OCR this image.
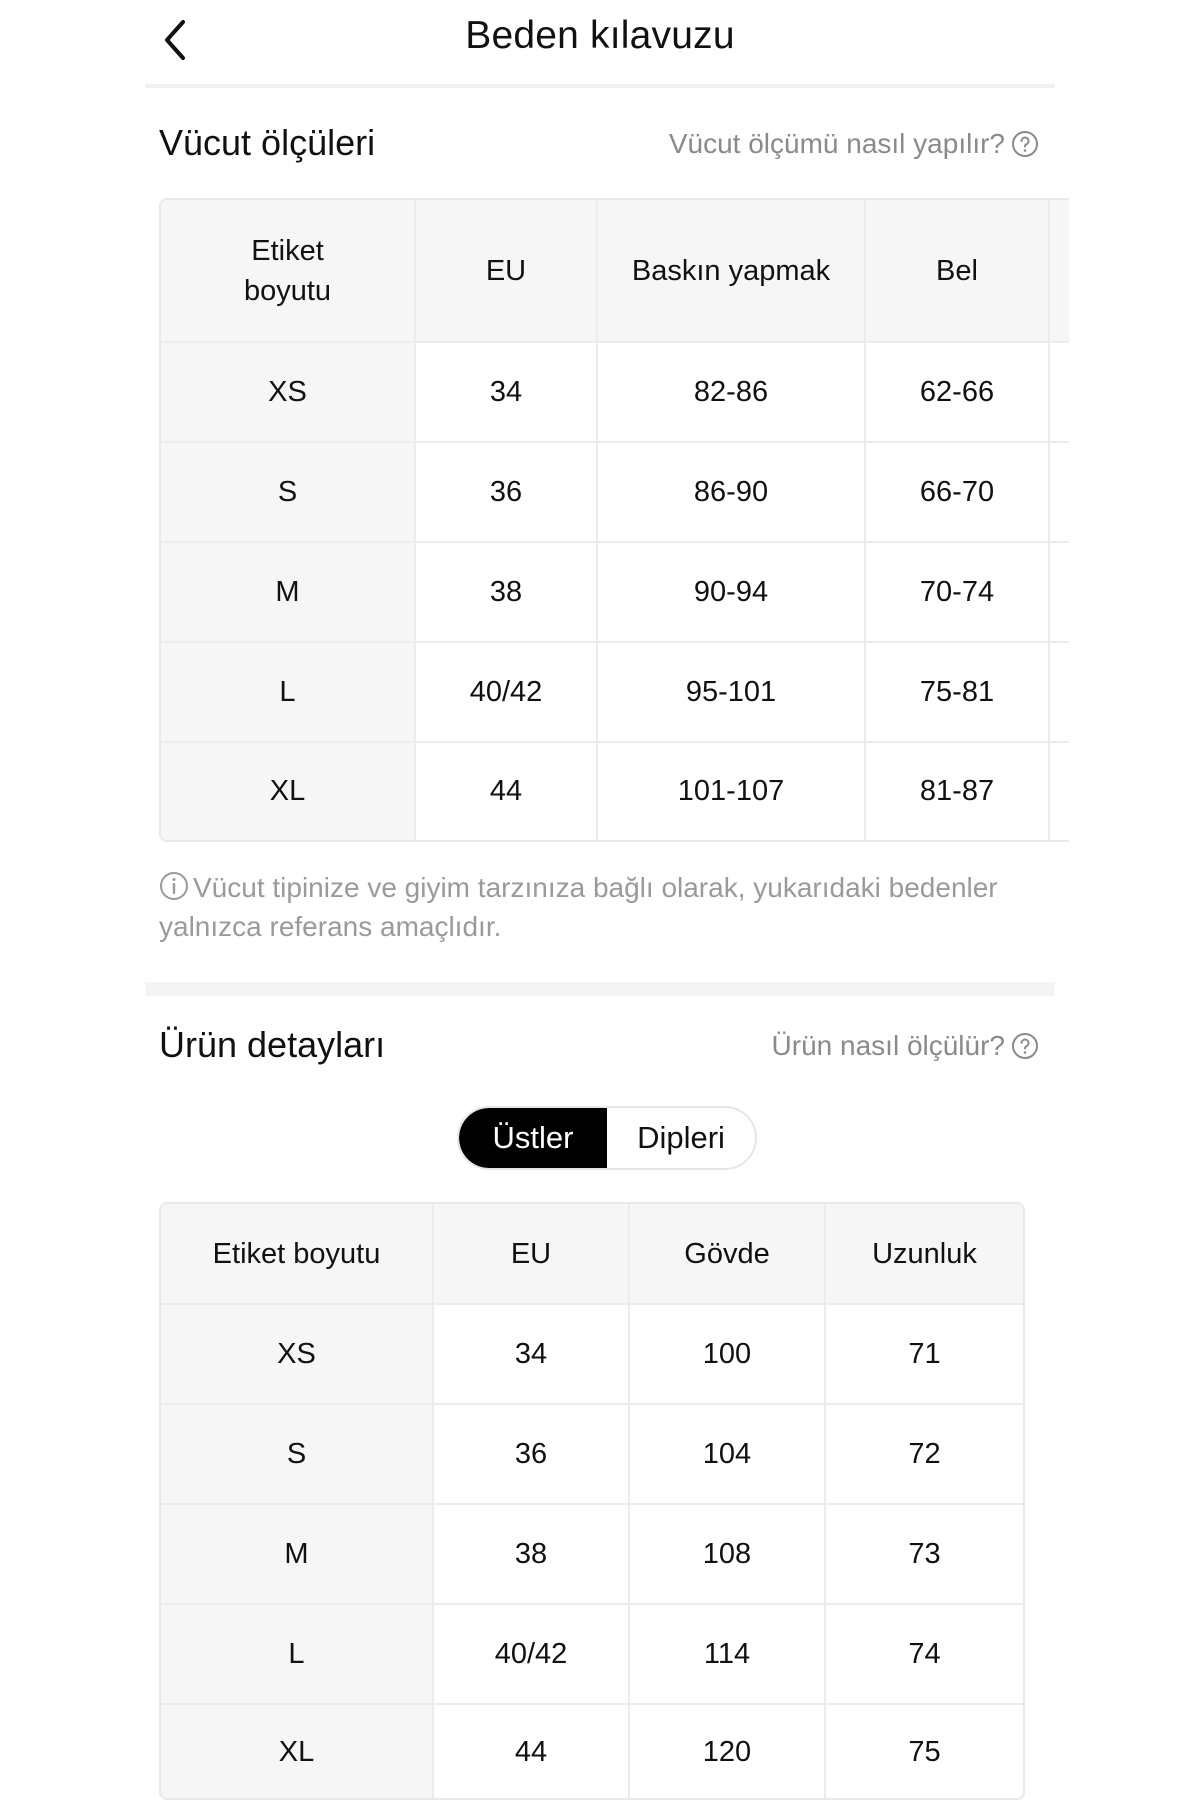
Beden kılavuzu
Vücut ölçüleri	Vücut ölçümü nasıl yapılır?
Etiket boyutu	EU	Baskın yapmak	Bel	
XS	34	82-86	62-66	
S	36	86-90	66-70	
M	38	90-94	70-74	
L	40/42	95-101	75-81	
XL	44	101-107	81-87	
Vücut tipinize ve giyim tarzınıza bağlı olarak, yukarıdaki bedenler yalnızca referans amaçlıdır.
Ürün detayları	Ürün nasıl ölçülür?
Üstler	Dipleri
Etiket boyutu	EU	Gövde	Uzunluk
XS	34	100	71
S	36	104	72
M	38	108	73
L	40/42	114	74
XL	44	120	75
